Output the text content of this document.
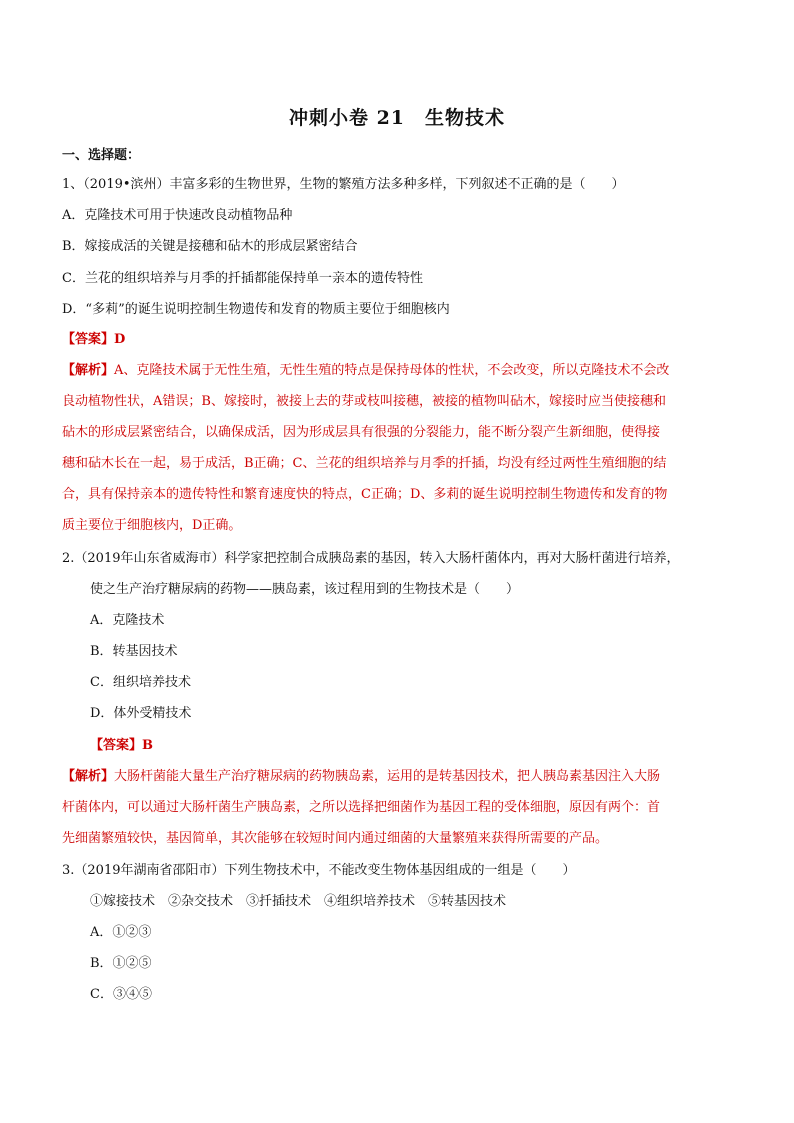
冲刺小卷 21　生物技术
一、选择题：
1、（2019•滨州）丰富多彩的生物世界，生物的繁殖方法多种多样，下列叙述不正确的是（　　）
A．克隆技术可用于快速改良动植物品种
B．嫁接成活的关键是接穗和砧木的形成层紧密结合
C．兰花的组织培养与月季的扦插都能保持单一亲本的遗传特性
D．“多莉”的诞生说明控制生物遗传和发育的物质主要位于细胞核内
【答案】D
【解析】A、克隆技术属于无性生殖，无性生殖的特点是保持母体的性状，不会改变，所以克隆技术不会改
良动植物性状，A错误；B、嫁接时，被接上去的芽或枝叫接穗，被接的植物叫砧木，嫁接时应当使接穗和
砧木的形成层紧密结合，以确保成活，因为形成层具有很强的分裂能力，能不断分裂产生新细胞，使得接
穗和砧木长在一起，易于成活，B正确；C、兰花的组织培养与月季的扦插，均没有经过两性生殖细胞的结
合，具有保持亲本的遗传特性和繁育速度快的特点，C正确；D、多莉的诞生说明控制生物遗传和发育的物
质主要位于细胞核内，D正确。
2.（2019年山东省威海市）科学家把控制合成胰岛素的基因，转入大肠杆菌体内，再对大肠杆菌进行培养，
使之生产治疗糖尿病的药物——胰岛素，该过程用到的生物技术是（　　）
A．克隆技术
B．转基因技术
C．组织培养技术
D．体外受精技术
【答案】B
【解析】大肠杆菌能大量生产治疗糖尿病的药物胰岛素，运用的是转基因技术，把人胰岛素基因注入大肠
杆菌体内，可以通过大肠杆菌生产胰岛素，之所以选择把细菌作为基因工程的受体细胞，原因有两个：首
先细菌繁殖较快，基因简单，其次能够在较短时间内通过细菌的大量繁殖来获得所需要的产品。
3.（2019年湖南省邵阳市）下列生物技术中，不能改变生物体基因组成的一组是（　　）
①嫁接技术　②杂交技术　③扦插技术　④组织培养技术　⑤转基因技术
A．①②③
B．①②⑤
C．③④⑤
